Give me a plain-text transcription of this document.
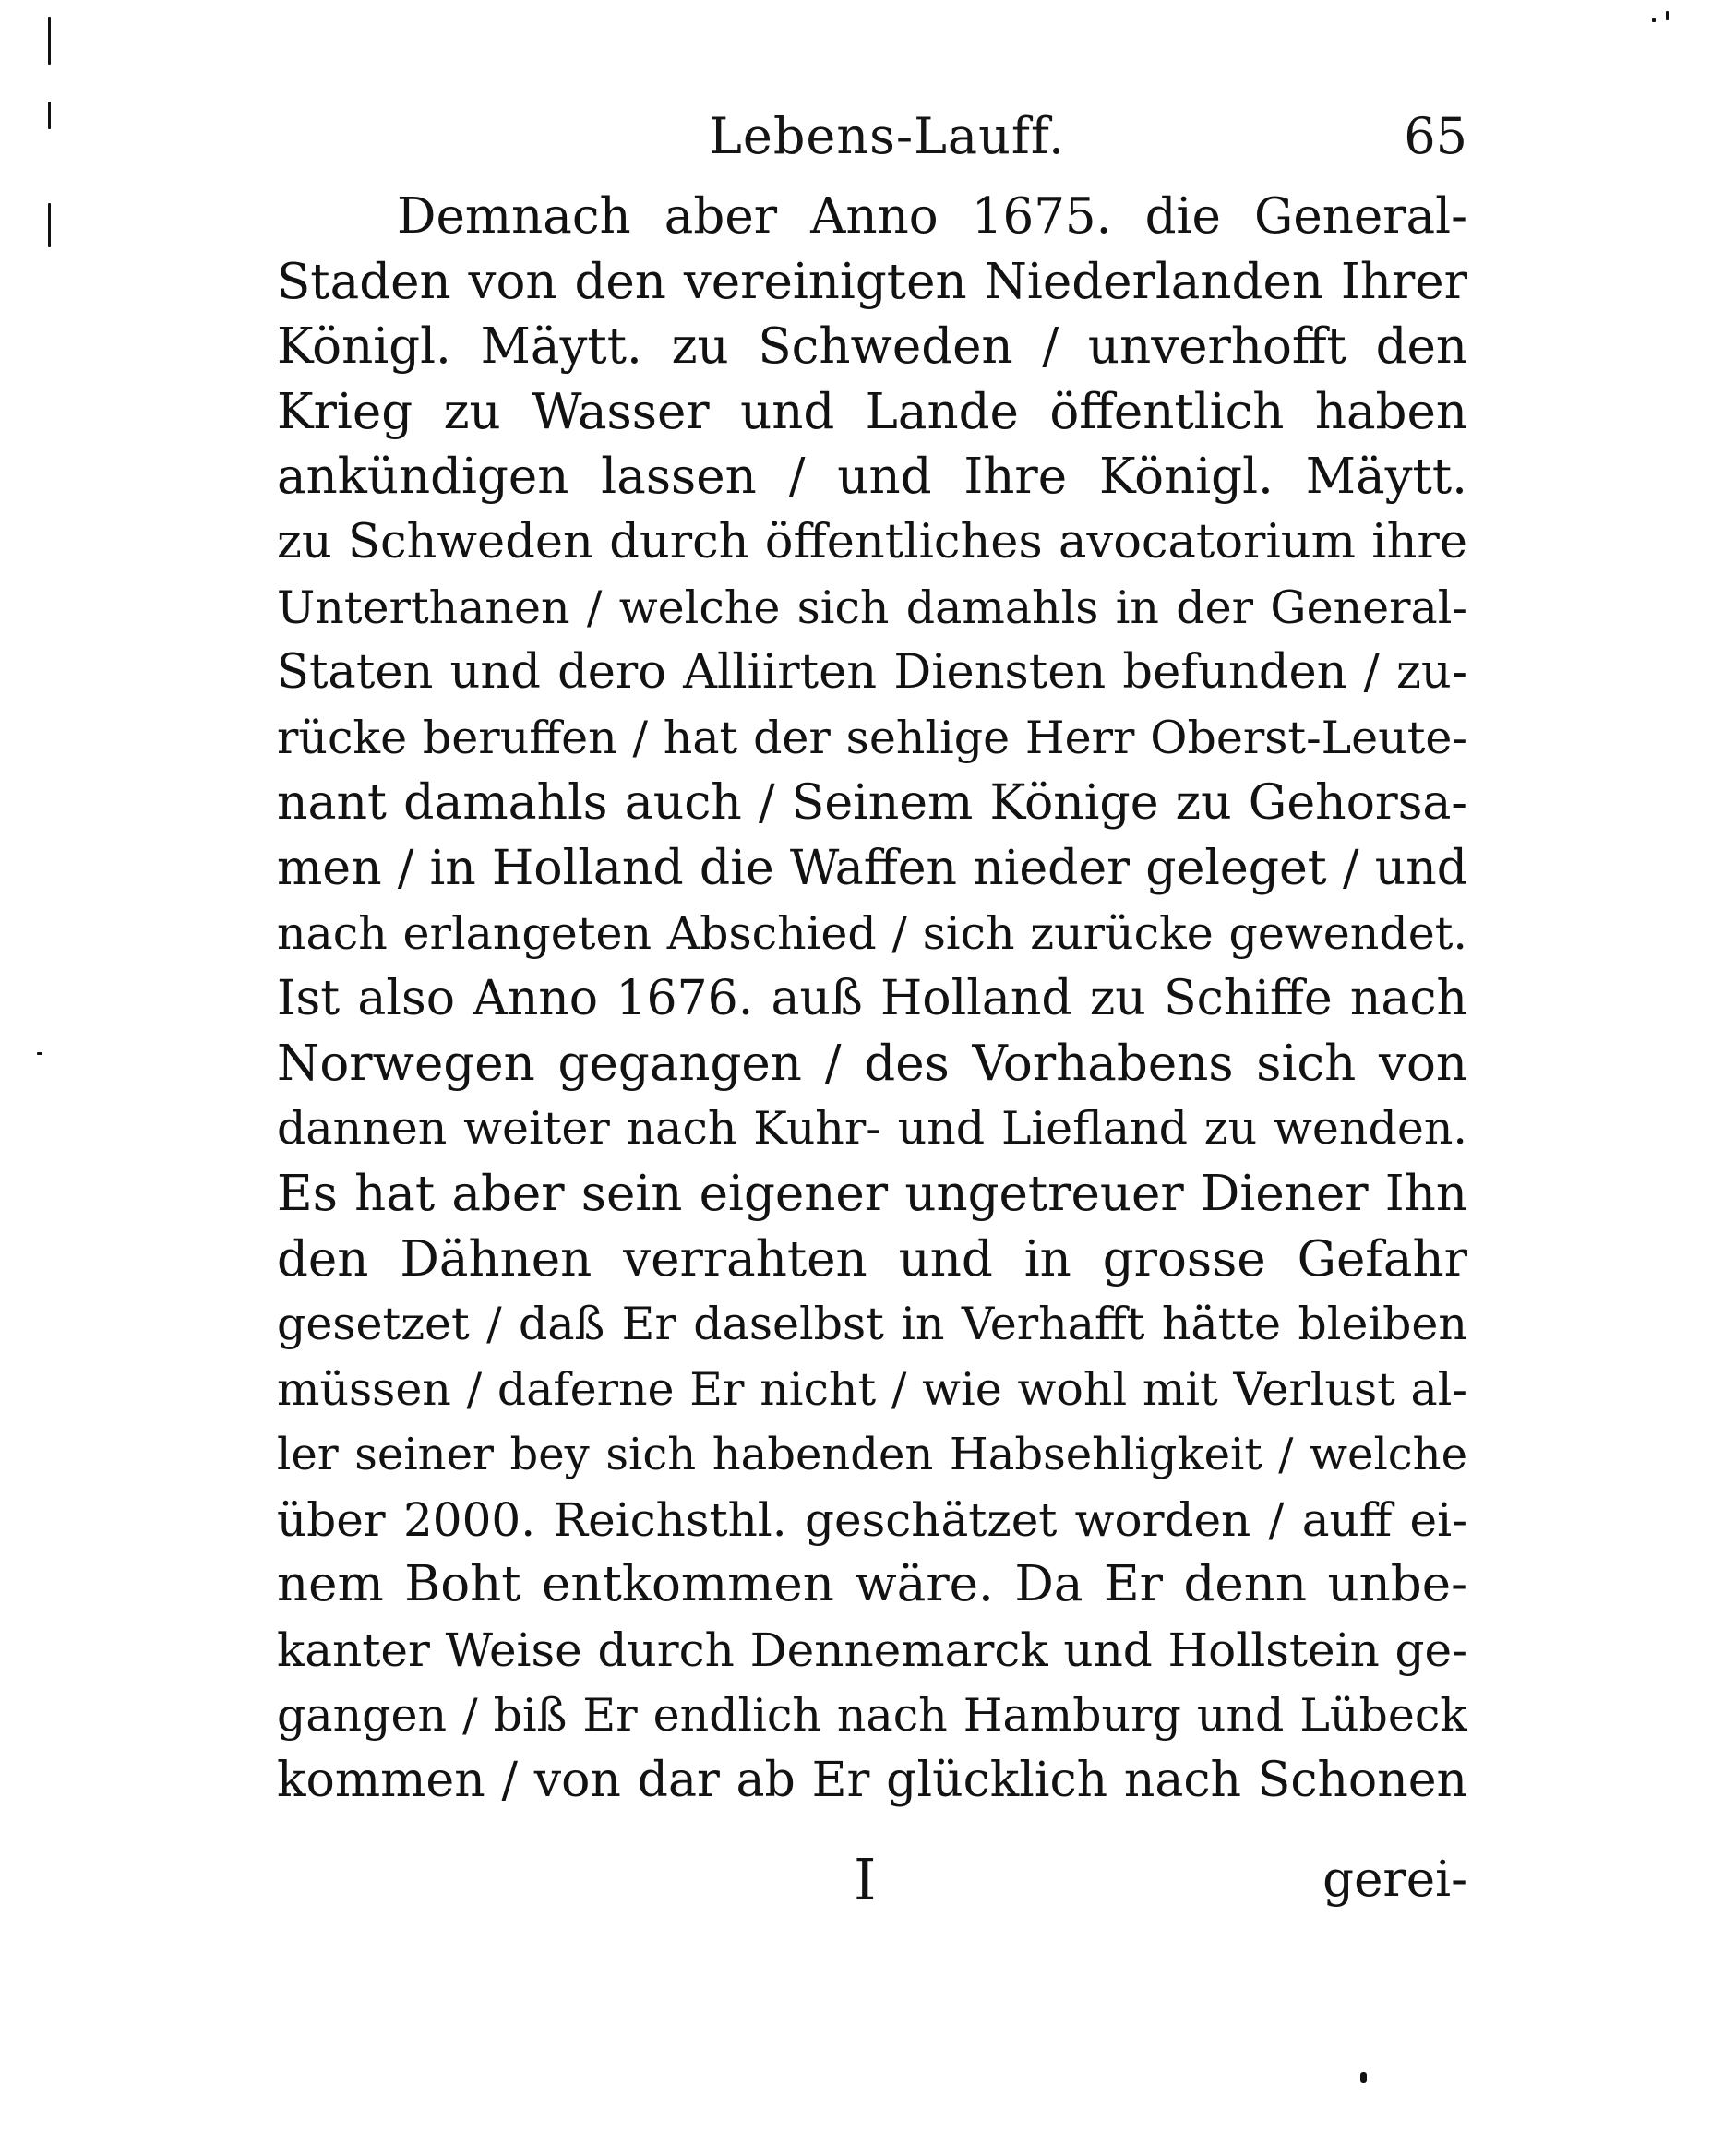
Lebens-Lauff.	65
Demnach aber Anno 1675. die General-
Staden von den vereinigten Niederlanden Ihrer
Königl. Mäytt. zu Schweden / unverhofft den
Krieg zu Wasser und Lande öffentlich haben
ankündigen lassen / und Ihre Königl. Mäytt.
zu Schweden durch öffentliches avocatorium ihre
Unterthanen / welche sich damahls in der General-
Staten und dero Alliirten Diensten befunden / zu-
rücke beruffen / hat der sehlige Herr Oberst-Leute-
nant damahls auch / Seinem Könige zu Gehorsa-
men / in Holland die Waffen nieder geleget / und
nach erlangeten Abschied / sich zurücke gewendet.
Ist also Anno 1676. auß Holland zu Schiffe nach
Norwegen gegangen / des Vorhabens sich von
dannen weiter nach Kuhr- und Liefland zu wenden.
Es hat aber sein eigener ungetreuer Diener Ihn
den Dähnen verrahten und in grosse Gefahr
gesetzet / daß Er daselbst in Verhafft hätte bleiben
müssen / daferne Er nicht / wie wohl mit Verlust al-
ler seiner bey sich habenden Habsehligkeit / welche
über 2000. Reichsthl. geschätzet worden / auff ei-
nem Boht entkommen wäre. Da Er denn unbe-
kanter Weise durch Dennemarck und Hollstein ge-
gangen / biß Er endlich nach Hamburg und Lübeck
kommen / von dar ab Er glücklich nach Schonen
I	gerei-
